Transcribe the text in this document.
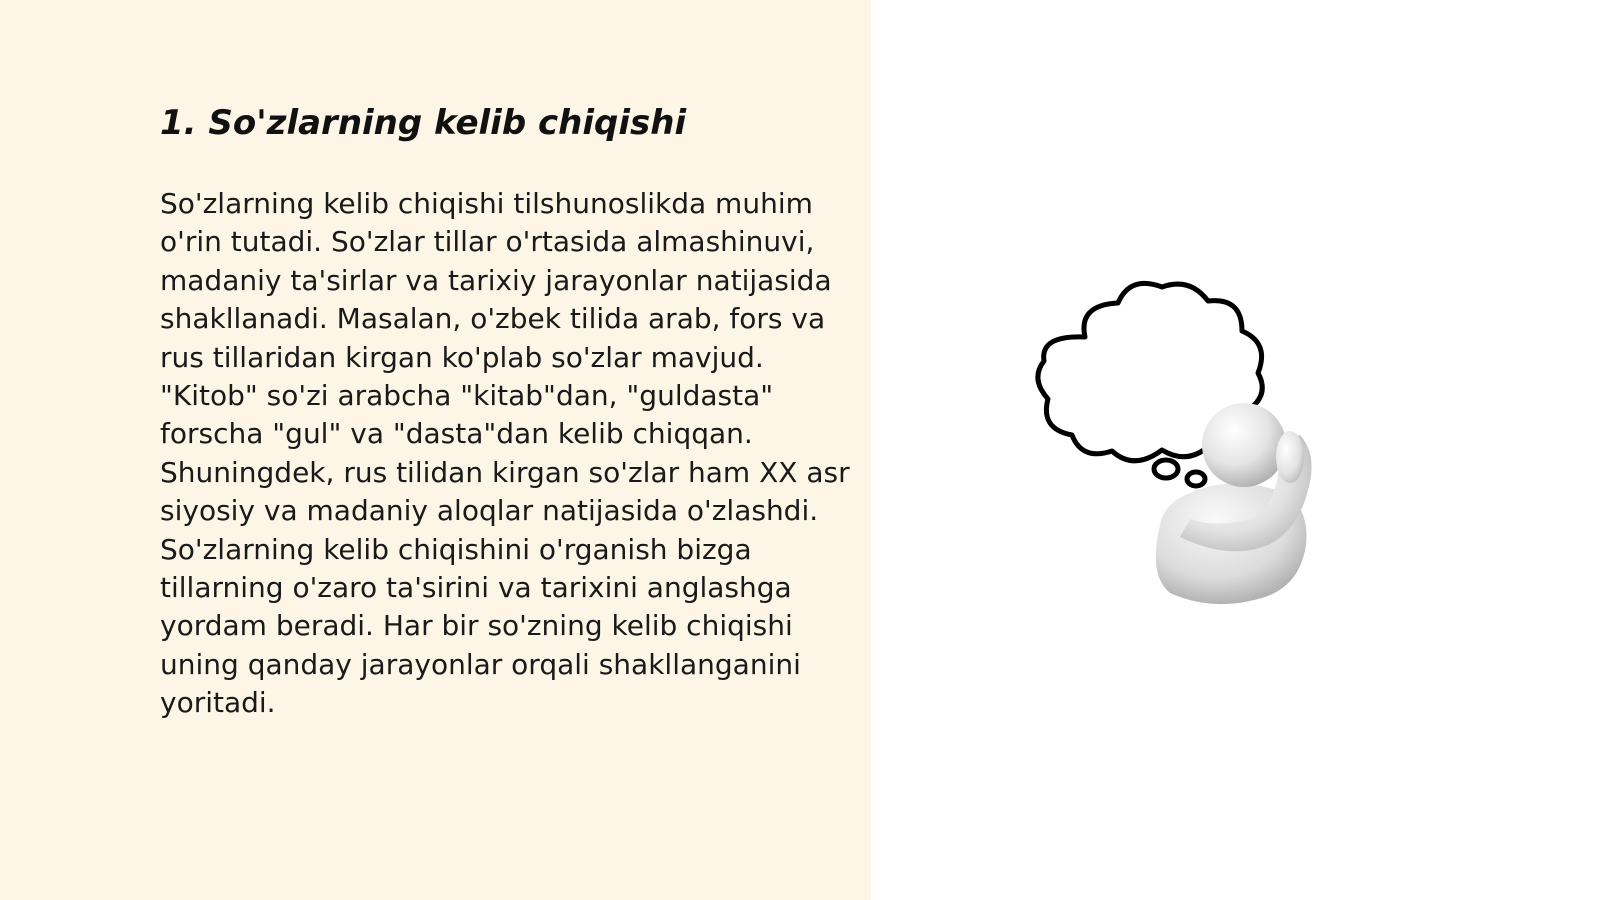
1. So'zlarning kelib chiqishi

So'zlarning kelib chiqishi tilshunoslikda muhim o'rin tutadi. So'zlar tillar o'rtasida almashinuvi, madaniy ta'sirlar va tarixiy jarayonlar natijasida shakllanadi. Masalan, o'zbek tilida arab, fors va rus tillaridan kirgan ko'plab so'zlar mavjud. "Kitob" so'zi arabcha "kitab"dan, "guldasta" forscha "gul" va "dasta"dan kelib chiqqan. Shuningdek, rus tilidan kirgan so'zlar ham XX asr siyosiy va madaniy aloqlar natijasida o'zlashdi. So'zlarning kelib chiqishini o'rganish bizga tillarning o'zaro ta'sirini va tarixini anglashga yordam beradi. Har bir so'zning kelib chiqishi uning qanday jarayonlar orqali shakllanganini yoritadi.
